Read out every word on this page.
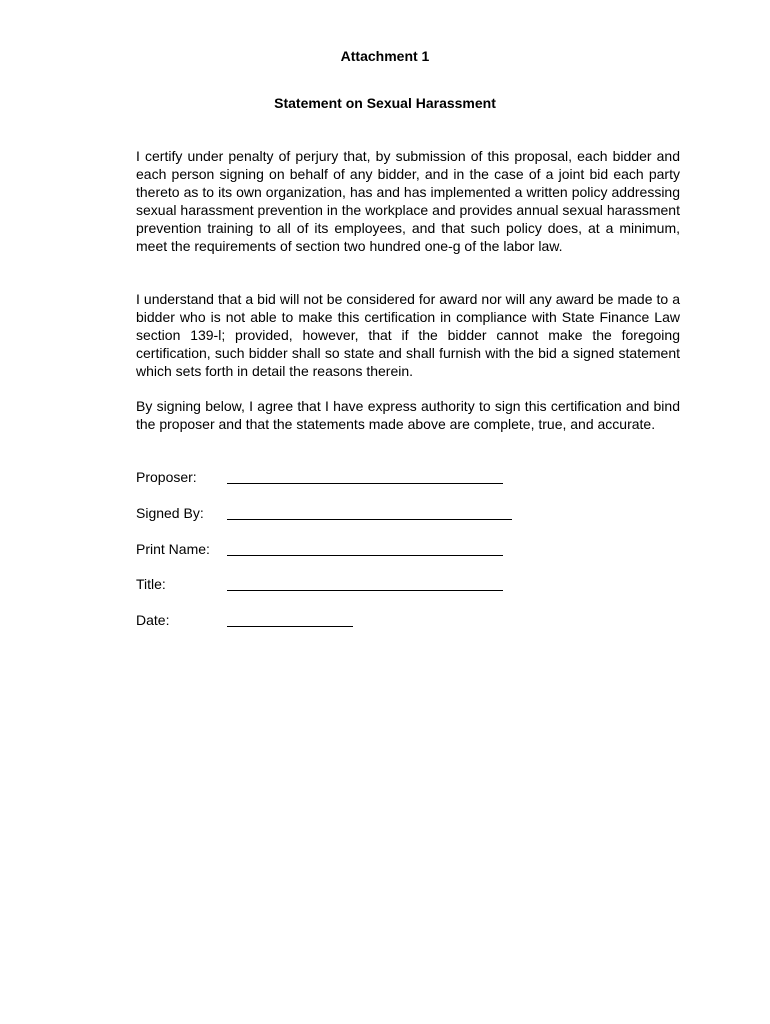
Attachment 1
Statement on Sexual Harassment

I certify under penalty of perjury that, by submission of this proposal, each bidder and each person signing on behalf of any bidder, and in the case of a joint bid each party thereto as to its own organization, has and has implemented a written policy addressing sexual harassment prevention in the workplace and provides annual sexual harassment prevention training to all of its employees, and that such policy does, at a minimum, meet the requirements of section two hundred one-g of the labor law.

I understand that a bid will not be considered for award nor will any award be made to a bidder who is not able to make this certification in compliance with State Finance Law section 139-l; provided, however, that if the bidder cannot make the foregoing certification, such bidder shall so state and shall furnish with the bid a signed statement which sets forth in detail the reasons therein.

By signing below, I agree that I have express authority to sign this certification and bind the proposer and that the statements made above are complete, true, and accurate.

Proposer:
Signed By:
Print Name:
Title:
Date:
